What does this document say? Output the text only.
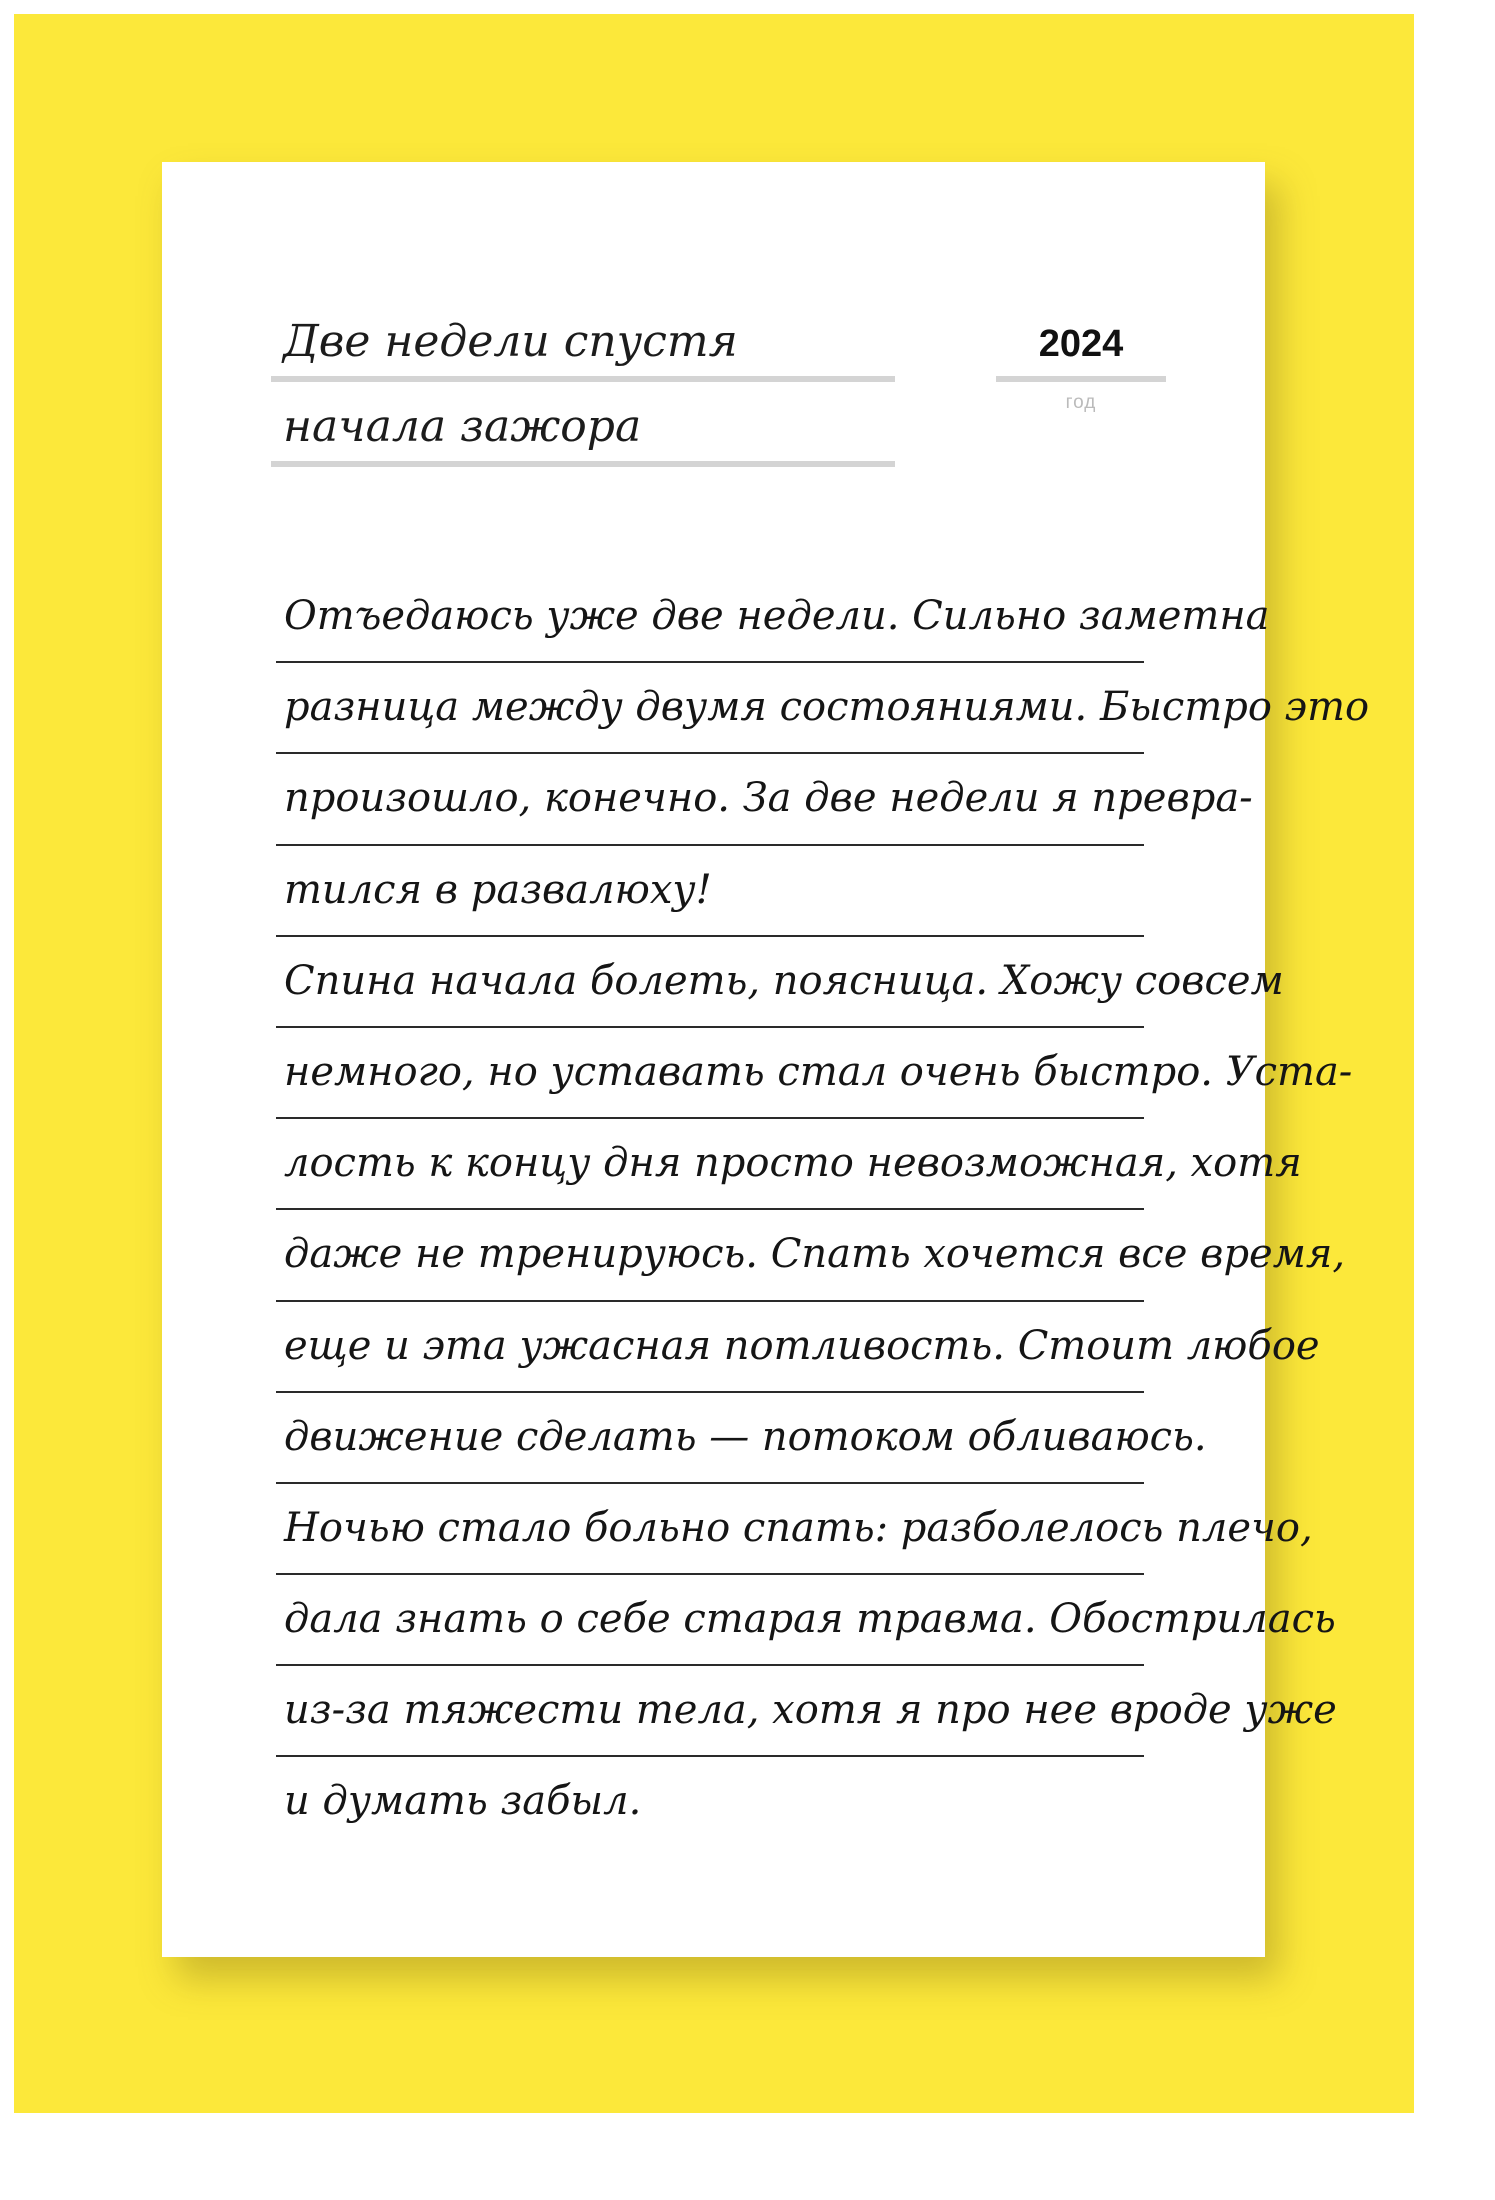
Две недели спустя
начала зажора
2024
год
Отъедаюсь уже две недели. Сильно заметна
разница между двумя состояниями. Быстро это
произошло, конечно. За две недели я превра-
тился в развалюху!
Спина начала болеть, поясница. Хожу совсем
немного, но уставать стал очень быстро. Уста-
лость к концу дня просто невозможная, хотя
даже не тренируюсь. Спать хочется все время,
еще и эта ужасная потливость. Стоит любое
движение сделать — потоком обливаюсь.
Ночью стало больно спать: разболелось плечо,
дала знать о себе старая травма. Обострилась
из-за тяжести тела, хотя я про нее вроде уже
и думать забыл.
